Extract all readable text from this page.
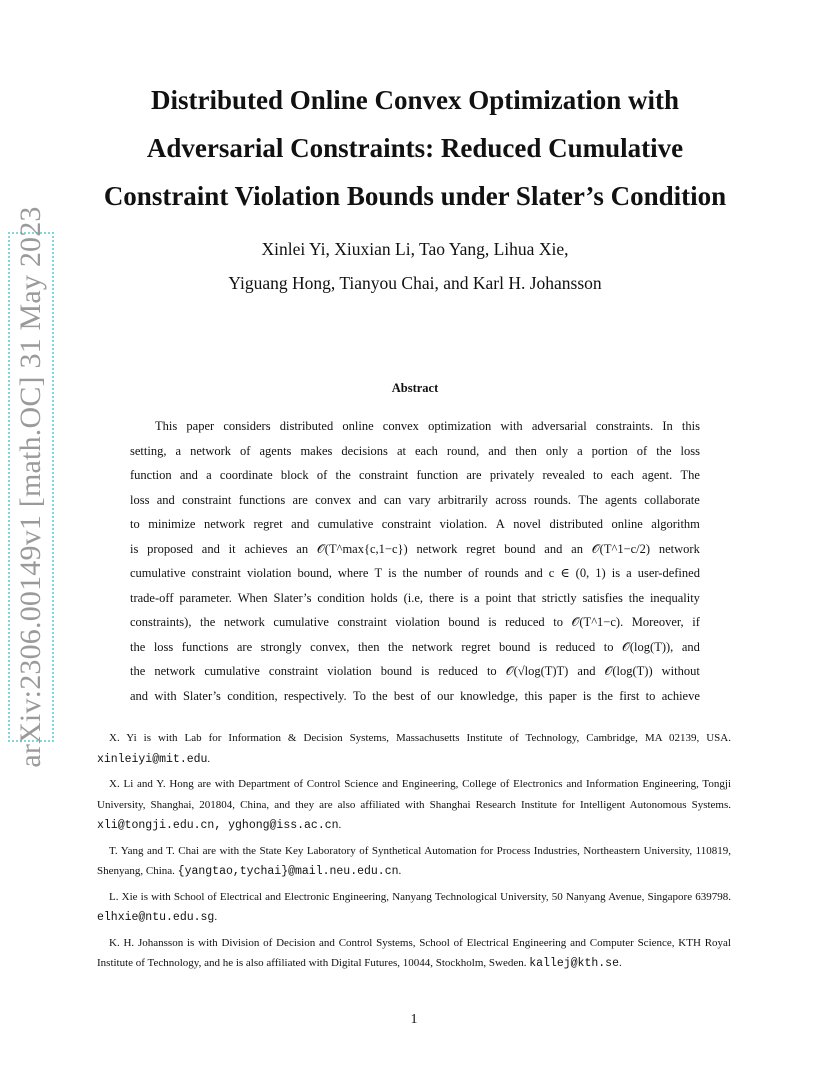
arXiv:2306.00149v1 [math.OC] 31 May 2023
Distributed Online Convex Optimization with
Adversarial Constraints: Reduced Cumulative
Constraint Violation Bounds under Slater’s Condition
Xinlei Yi, Xiuxian Li, Tao Yang, Lihua Xie,
Yiguang Hong, Tianyou Chai, and Karl H. Johansson
Abstract
This paper considers distributed online convex optimization with adversarial constraints. In this
setting, a network of agents makes decisions at each round, and then only a portion of the loss
function and a coordinate block of the constraint function are privately revealed to each agent. The
loss and constraint functions are convex and can vary arbitrarily across rounds. The agents collaborate
to minimize network regret and cumulative constraint violation. A novel distributed online algorithm
is proposed and it achieves an 𝒪(T^max{c,1−c}) network regret bound and an 𝒪(T^1−c/2) network
cumulative constraint violation bound, where T is the number of rounds and c ∈ (0, 1) is a user-defined
trade-off parameter. When Slater’s condition holds (i.e, there is a point that strictly satisfies the inequality
constraints), the network cumulative constraint violation bound is reduced to 𝒪(T^1−c). Moreover, if
the loss functions are strongly convex, then the network regret bound is reduced to 𝒪(log(T)), and
the network cumulative constraint violation bound is reduced to 𝒪(√log(T)T) and 𝒪(log(T)) without
and with Slater’s condition, respectively. To the best of our knowledge, this paper is the first to achieve
X. Yi is with Lab for Information & Decision Systems, Massachusetts Institute of Technology, Cambridge, MA 02139, USA. xinleiyi@mit.edu.
X. Li and Y. Hong are with Department of Control Science and Engineering, College of Electronics and Information Engineering, Tongji University, Shanghai, 201804, China, and they are also affiliated with Shanghai Research Institute for Intelligent Autonomous Systems. xli@tongji.edu.cn, yghong@iss.ac.cn.
T. Yang and T. Chai are with the State Key Laboratory of Synthetical Automation for Process Industries, Northeastern University, 110819, Shenyang, China. {yangtao,tychai}@mail.neu.edu.cn.
L. Xie is with School of Electrical and Electronic Engineering, Nanyang Technological University, 50 Nanyang Avenue, Singapore 639798. elhxie@ntu.edu.sg.
K. H. Johansson is with Division of Decision and Control Systems, School of Electrical Engineering and Computer Science, KTH Royal Institute of Technology, and he is also affiliated with Digital Futures, 10044, Stockholm, Sweden. kallej@kth.se.
1
